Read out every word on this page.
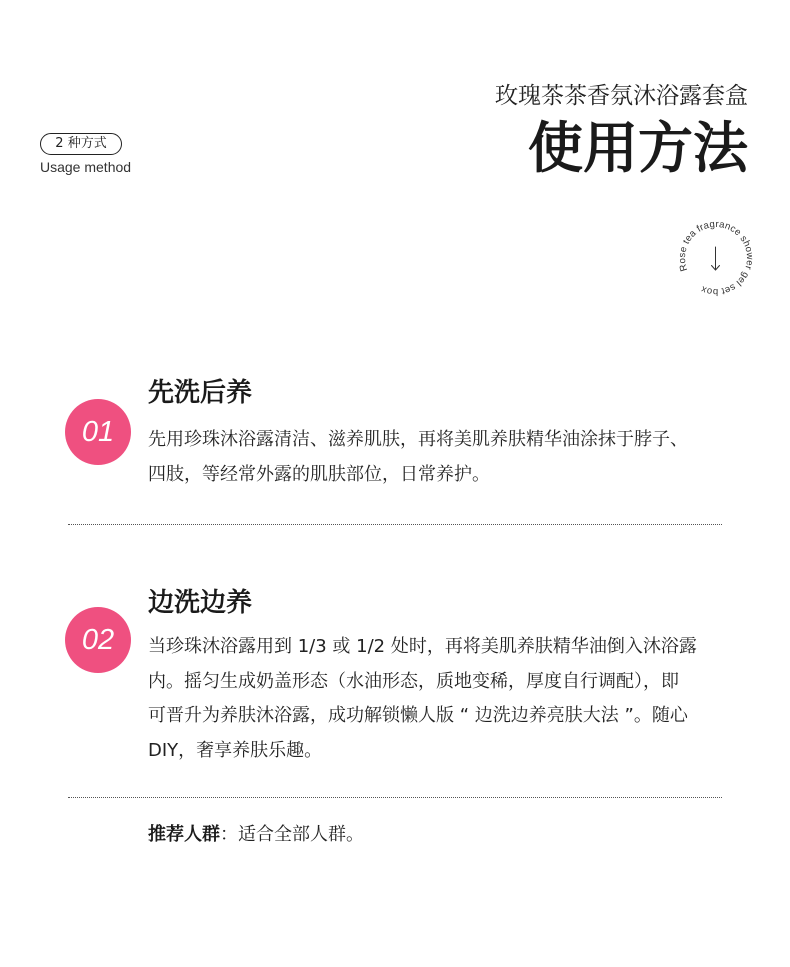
玫瑰茶茶香氛沐浴露套盒
使用方法
2 种方式
Usage method
Rose tea fragrance shower gel set box
01
先洗后养
先用珍珠沐浴露清洁、滋养肌肤，再将美肌养肤精华油涂抹于脖子、
四肢，等经常外露的肌肤部位，日常养护。
02
边洗边养
当珍珠沐浴露用到 1/3 或 1/2 处时，再将美肌养肤精华油倒入沐浴露
内。摇匀生成奶盖形态（水油形态，质地变稀，厚度自行调配），即
可晋升为养肤沐浴露，成功解锁懒人版 “ 边洗边养亮肤大法 ”。随心
DIY，奢享养肤乐趣。
推荐人群：适合全部人群。
